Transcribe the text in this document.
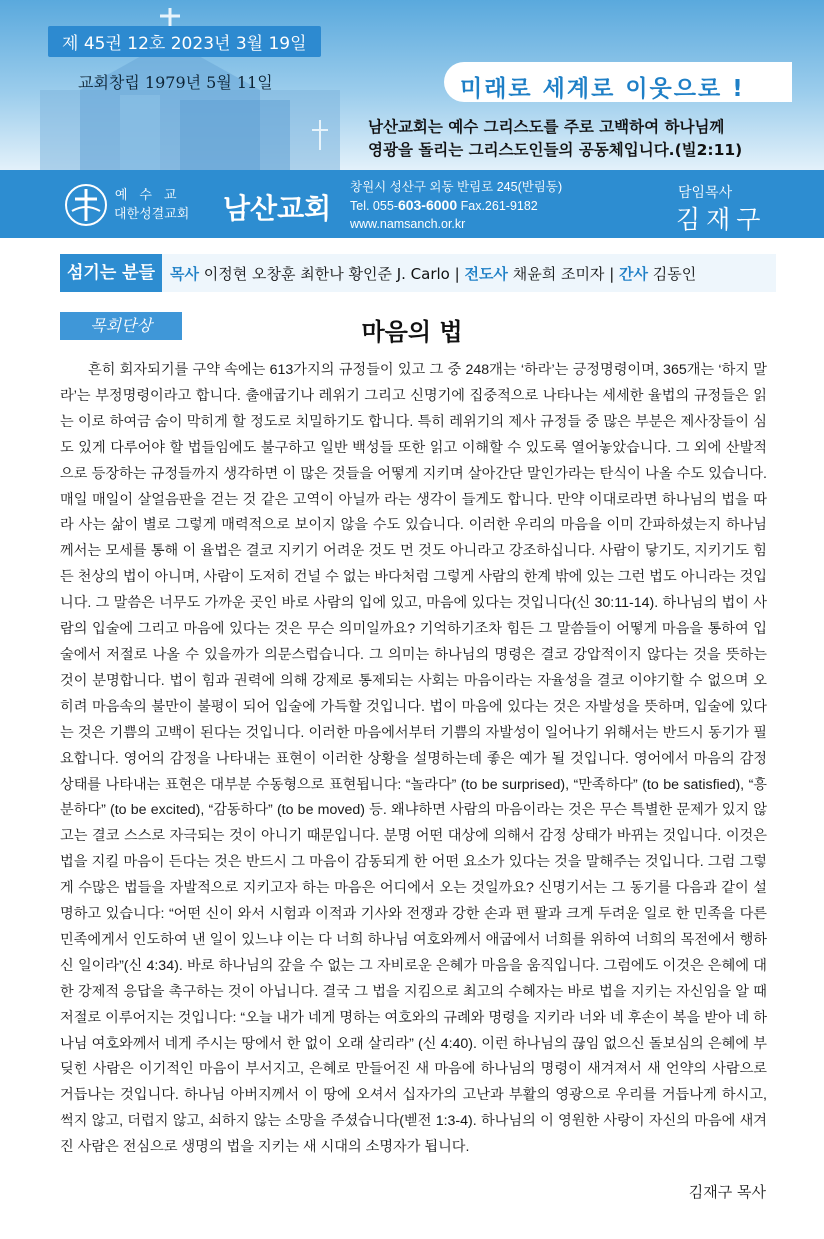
제 45권 12호 2023년 3월 19일
교회창립 1979년 5월 11일	미래로 세계로 이웃으로 !
남산교회는 예수 그리스도를 주로 고백하여 하나님께
영광을 돌리는 그리스도인들의 공동체입니다.(빌2:11)
예수교
대한성결교회 남산교회
창원시 성산구 외동 반림로 245(반림동)
Tel. 055-603-6000 Fax.261-9182
www.namsanch.or.kr
담임목사
김재구
섬기는 분들 목사 이정현 오창훈 최한나 황인준 J. Carlo | 전도사 채윤희 조미자 | 간사 김동인
목회단상	마음의 법

흔히 회자되기를 구약 속에는 613가지의 규정들이 있고 그 중 248개는 ‘하라’는 긍정명령이며, 365개는 ‘하지 말라’는 부정명령이라고 합니다. 출애굽기나 레위기 그리고 신명기에 집중적으로 나타나는 세세한 율법의 규정들은 읽는 이로 하여금 숨이 막히게 할 정도로 치밀하기도 합니다. 특히 레위기의 제사 규정들 중 많은 부분은 제사장들이 심도 있게 다루어야 할 법들임에도 불구하고 일반 백성들 또한 읽고 이해할 수 있도록 열어놓았습니다. 그 외에 산발적으로 등장하는 규정들까지 생각하면 이 많은 것들을 어떻게 지키며 살아간단 말인가라는 탄식이 나올 수도 있습니다. 매일 매일이 살얼음판을 걷는 것 같은 고역이 아닐까 라는 생각이 들게도 합니다. 만약 이대로라면 하나님의 법을 따라 사는 삶이 별로 그렇게 매력적으로 보이지 않을 수도 있습니다. 이러한 우리의 마음을 이미 간파하셨는지 하나님께서는 모세를 통해 이 율법은 결코 지키기 어려운 것도 먼 것도 아니라고 강조하십니다. 사람이 닿기도, 지키기도 힘든 천상의 법이 아니며, 사람이 도저히 건널 수 없는 바다처럼 그렇게 사람의 한계 밖에 있는 그런 법도 아니라는 것입니다. 그 말씀은 너무도 가까운 곳인 바로 사람의 입에 있고, 마음에 있다는 것입니다(신 30:11-14). 하나님의 법이 사람의 입술에 그리고 마음에 있다는 것은 무슨 의미일까요? 기억하기조차 힘든 그 말씀들이 어떻게 마음을 통하여 입술에서 저절로 나올 수 있을까가 의문스럽습니다. 그 의미는 하나님의 명령은 결코 강압적이지 않다는 것을 뜻하는 것이 분명합니다. 법이 힘과 권력에 의해 강제로 통제되는 사회는 마음이라는 자율성을 결코 이야기할 수 없으며 오히려 마음속의 불만이 불평이 되어 입술에 가득할 것입니다. 법이 마음에 있다는 것은 자발성을 뜻하며, 입술에 있다는 것은 기쁨의 고백이 된다는 것입니다. 이러한 마음에서부터 기쁨의 자발성이 일어나기 위해서는 반드시 동기가 필요합니다. 영어의 감정을 나타내는 표현이 이러한 상황을 설명하는데 좋은 예가 될 것입니다. 영어에서 마음의 감정 상태를 나타내는 표현은 대부분 수동형으로 표현됩니다: “놀라다” (to be surprised), “만족하다” (to be satisfied), “흥분하다” (to be excited), “감동하다” (to be moved) 등. 왜냐하면 사람의 마음이라는 것은 무슨 특별한 문제가 있지 않고는 결코 스스로 자극되는 것이 아니기 때문입니다. 분명 어떤 대상에 의해서 감정 상태가 바뀌는 것입니다. 이것은 법을 지킬 마음이 든다는 것은 반드시 그 마음이 감동되게 한 어떤 요소가 있다는 것을 말해주는 것입니다. 그럼 그렇게 수많은 법들을 자발적으로 지키고자 하는 마음은 어디에서 오는 것일까요? 신명기서는 그 동기를 다음과 같이 설명하고 있습니다: “어떤 신이 와서 시험과 이적과 기사와 전쟁과 강한 손과 편 팔과 크게 두려운 일로 한 민족을 다른 민족에게서 인도하여 낸 일이 있느냐 이는 다 너희 하나님 여호와께서 애굽에서 너희를 위하여 너희의 목전에서 행하신 일이라”(신 4:34). 바로 하나님의 갚을 수 없는 그 자비로운 은혜가 마음을 움직입니다. 그럼에도 이것은 은혜에 대한 강제적 응답을 촉구하는 것이 아닙니다. 결국 그 법을 지킴으로 최고의 수혜자는 바로 법을 지키는 자신임을 알 때 저절로 이루어지는 것입니다: “오늘 내가 네게 명하는 여호와의 규례와 명령을 지키라 너와 네 후손이 복을 받아 네 하나님 여호와께서 네게 주시는 땅에서 한 없이 오래 살리라” (신 4:40). 이런 하나님의 끊임 없으신 돌보심의 은혜에 부딪힌 사람은 이기적인 마음이 부서지고, 은혜로 만들어진 새 마음에 하나님의 명령이 새겨져서 새 언약의 사람으로 거듭나는 것입니다. 하나님 아버지께서 이 땅에 오셔서 십자가의 고난과 부활의 영광으로 우리를 거듭나게 하시고, 썩지 않고, 더럽지 않고, 쇠하지 않는 소망을 주셨습니다(벧전 1:3-4). 하나님의 이 영원한 사랑이 자신의 마음에 새겨진 사람은 전심으로 생명의 법을 지키는 새 시대의 소명자가 됩니다.

김재구 목사
